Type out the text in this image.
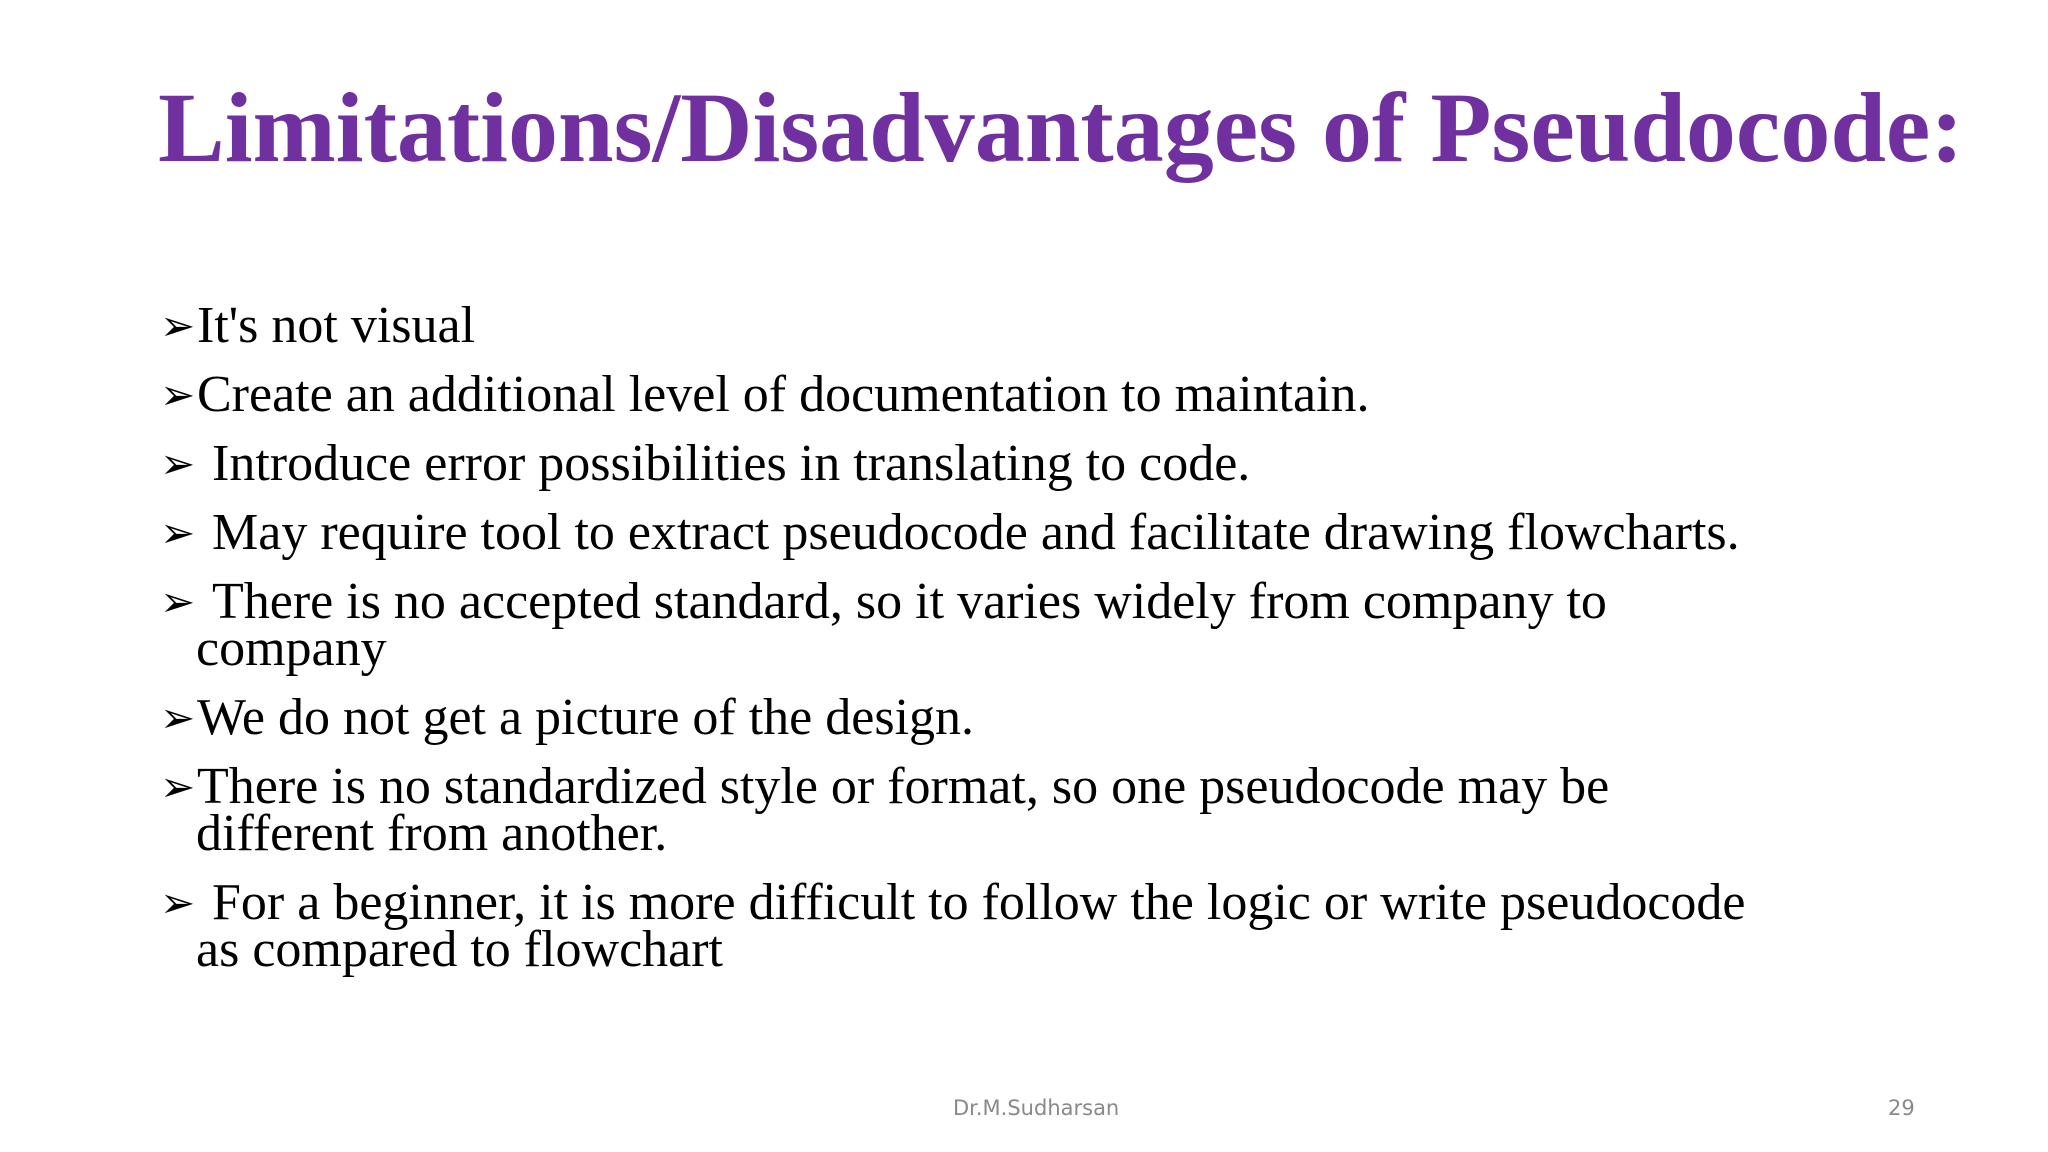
Limitations/Disadvantages of Pseudocode:
➢ It's not visual
➢ Create an additional level of documentation to maintain.
➢ Introduce error possibilities in translating to code.
➢ May require tool to extract pseudocode and facilitate drawing flowcharts.
➢ There is no accepted standard, so it varies widely from company to
company
➢ We do not get a picture of the design.
➢ There is no standardized style or format, so one pseudocode may be
different from another.
➢ For a beginner, it is more difficult to follow the logic or write pseudocode
as compared to flowchart
Dr.M.Sudharsan	29
